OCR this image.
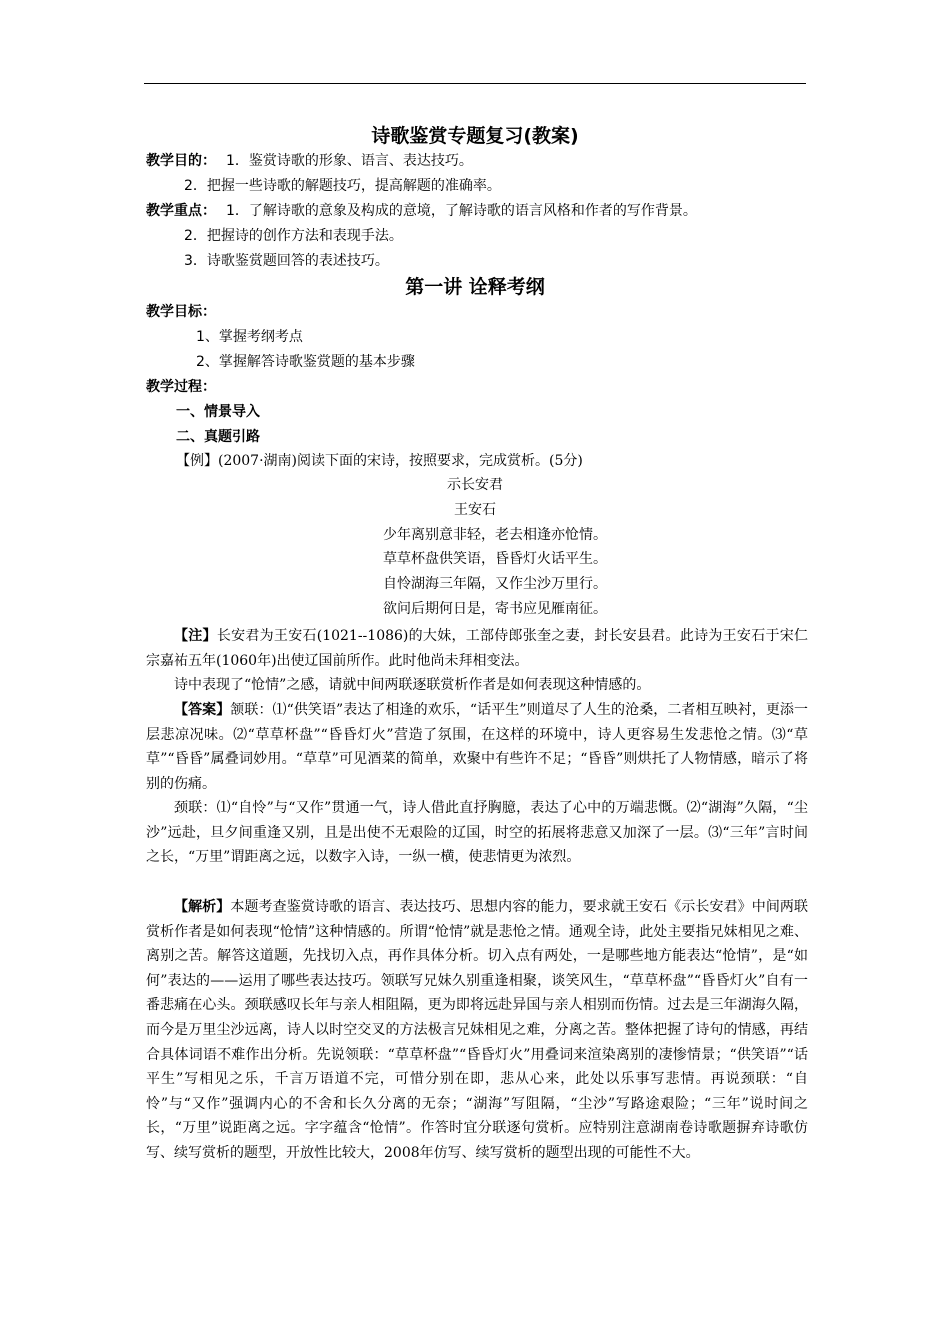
诗歌鉴赏专题复习(教案)
教学目的： 1．鉴赏诗歌的形象、语言、表达技巧。
2．把握一些诗歌的解题技巧，提高解题的准确率。
教学重点： 1．了解诗歌的意象及构成的意境，了解诗歌的语言风格和作者的写作背景。
2．把握诗的创作方法和表现手法。
3．诗歌鉴赏题回答的表述技巧。
第一讲 诠释考纲
教学目标：
1、掌握考纲考点
2、掌握解答诗歌鉴赏题的基本步骤
教学过程：
一、情景导入
二、真题引路
【例】(2007·湖南)阅读下面的宋诗，按照要求，完成赏析。(5分)
示长安君
王安石
少年离别意非轻，老去相逢亦怆情。
草草杯盘供笑语，昏昏灯火话平生。
自怜湖海三年隔，又作尘沙万里行。
欲问后期何日是，寄书应见雁南征。
【注】长安君为王安石(1021--1086)的大妹，工部侍郎张奎之妻，封长安县君。此诗为王安石于宋仁宗嘉祐五年(1060年)出使辽国前所作。此时他尚未拜相变法。
诗中表现了“怆情”之感，请就中间两联逐联赏析作者是如何表现这种情感的。
【答案】颔联：⑴“供笑语”表达了相逢的欢乐，“话平生”则道尽了人生的沧桑，二者相互映衬，更添一层悲凉况味。⑵“草草杯盘”“昏昏灯火”营造了氛围，在这样的环境中，诗人更容易生发悲怆之情。⑶“草草”“昏昏”属叠词妙用。“草草”可见酒菜的简单，欢聚中有些许不足；“昏昏”则烘托了人物情感，暗示了将别的伤痛。
颈联：⑴“自怜”与“又作”贯通一气，诗人借此直抒胸臆，表达了心中的万端悲慨。⑵“湖海”久隔，“尘沙”远赴，旦夕间重逢又别，且是出使不无艰险的辽国，时空的拓展将悲意又加深了一层。⑶“三年”言时间之长，“万里”谓距离之远，以数字入诗，一纵一横，使悲情更为浓烈。
【解析】本题考查鉴赏诗歌的语言、表达技巧、思想内容的能力，要求就王安石《示长安君》中间两联赏析作者是如何表现“怆情”这种情感的。所谓“怆情”就是悲怆之情。通观全诗，此处主要指兄妹相见之难、离别之苦。解答这道题，先找切入点，再作具体分析。切入点有两处，一是哪些地方能表达“怆情”，是“如何”表达的——运用了哪些表达技巧。领联写兄妹久别重逢相聚，谈笑风生，“草草杯盘”“昏昏灯火”自有一番悲痛在心头。颈联感叹长年与亲人相阻隔，更为即将远赴异国与亲人相别而伤情。过去是三年湖海久隔，而今是万里尘沙远离，诗人以时空交叉的方法极言兄妹相见之难，分离之苦。整体把握了诗句的情感，再结合具体词语不难作出分析。先说领联：“草草杯盘”“昏昏灯火”用叠词来渲染离别的凄惨情景；“供笑语”“话平生”写相见之乐，千言万语道不完，可惜分别在即，悲从心来，此处以乐事写悲情。再说颈联：“自怜”与“又作”强调内心的不舍和长久分离的无奈；“湖海”写阻隔，“尘沙”写路途艰险；“三年”说时间之长，“万里”说距离之远。字字蕴含“怆情”。作答时宜分联逐句赏析。应特别注意湖南卷诗歌题摒弃诗歌仿写、续写赏析的题型，开放性比较大，2008年仿写、续写赏析的题型出现的可能性不大。
